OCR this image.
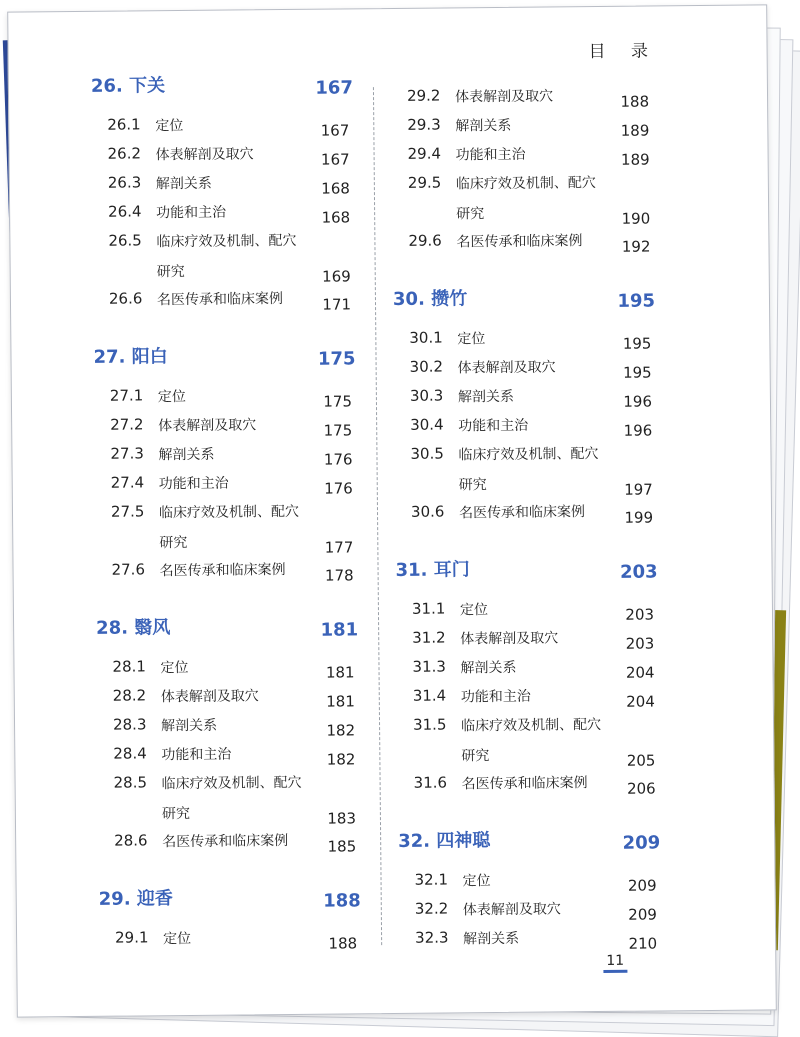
目 录
26. 下关	167
26.1 定位	167
26.2 体表解剖及取穴	167
26.3 解剖关系	168
26.4 功能和主治	168
26.5 临床疗效及机制、配穴
研究	169
26.6 名医传承和临床案例	171
27. 阳白	175
27.1 定位	175
27.2 体表解剖及取穴	175
27.3 解剖关系	176
27.4 功能和主治	176
27.5 临床疗效及机制、配穴
研究	177
27.6 名医传承和临床案例	178
28. 翳风	181
28.1 定位	181
28.2 体表解剖及取穴	181
28.3 解剖关系	182
28.4 功能和主治	182
28.5 临床疗效及机制、配穴
研究	183
28.6 名医传承和临床案例	185
29. 迎香	188
29.1 定位	188
29.2 体表解剖及取穴	188
29.3 解剖关系	189
29.4 功能和主治	189
29.5 临床疗效及机制、配穴
研究	190
29.6 名医传承和临床案例	192
30. 攒竹	195
30.1 定位	195
30.2 体表解剖及取穴	195
30.3 解剖关系	196
30.4 功能和主治	196
30.5 临床疗效及机制、配穴
研究	197
30.6 名医传承和临床案例	199
31. 耳门	203
31.1 定位	203
31.2 体表解剖及取穴	203
31.3 解剖关系	204
31.4 功能和主治	204
31.5 临床疗效及机制、配穴
研究	205
31.6 名医传承和临床案例	206
32. 四神聪	209
32.1 定位	209
32.2 体表解剖及取穴	209
32.3 解剖关系	210
11
